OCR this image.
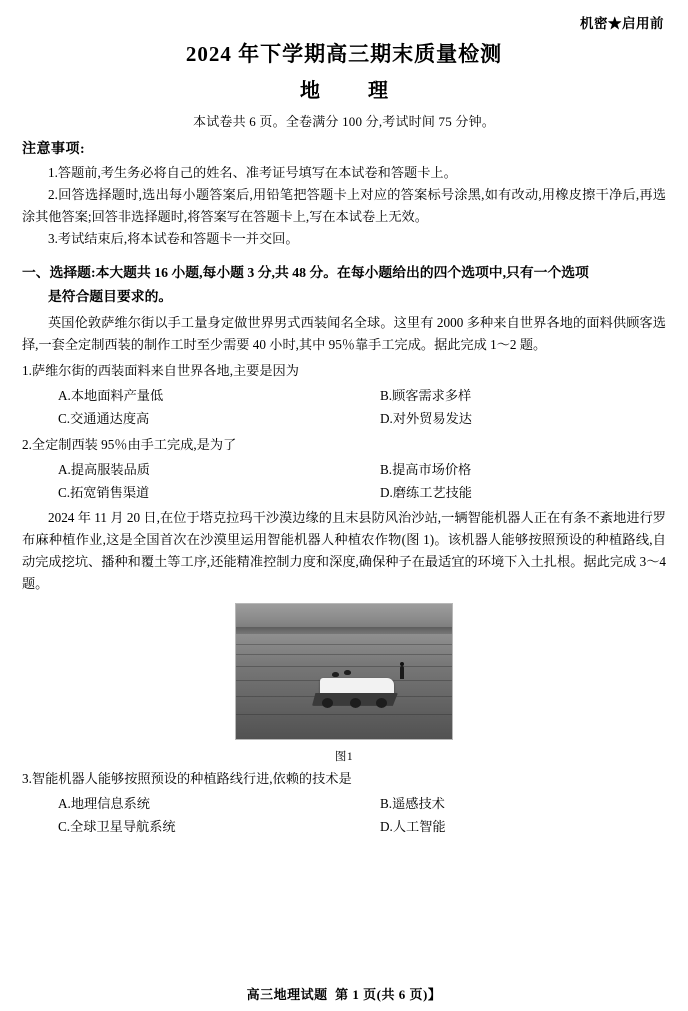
机密★启用前
2024 年下学期高三期末质量检测
地　理
本试卷共 6 页。全卷满分 100 分,考试时间 75 分钟。
注意事项:
1.答题前,考生务必将自己的姓名、准考证号填写在本试卷和答题卡上。
2.回答选择题时,选出每小题答案后,用铅笔把答题卡上对应的答案标号涂黑,如有改动,用橡皮擦干净后,再选涂其他答案;回答非选择题时,将答案写在答题卡上,写在本试卷上无效。
3.考试结束后,将本试卷和答题卡一并交回。
一、选择题:本大题共 16 小题,每小题 3 分,共 48 分。在每小题给出的四个选项中,只有一个选项
是符合题目要求的。
英国伦敦萨维尔街以手工量身定做世界男式西装闻名全球。这里有 2000 多种来自世界各地的面料供顾客选择,一套全定制西装的制作工时至少需要 40 小时,其中 95％靠手工完成。据此完成 1～2 题。
1.萨维尔街的西装面料来自世界各地,主要是因为
A.本地面料产量低	B.顾客需求多样
C.交通通达度高	D.对外贸易发达
2.全定制西装 95％由手工完成,是为了
A.提高服装品质	B.提高市场价格
C.拓宽销售渠道	D.磨练工艺技能
2024 年 11 月 20 日,在位于塔克拉玛干沙漠边缘的且末县防风治沙站,一辆智能机器人正在有条不紊地进行罗布麻种植作业,这是全国首次在沙漠里运用智能机器人种植农作物(图 1)。该机器人能够按照预设的种植路线,自动完成挖坑、播种和覆土等工序,还能精准控制力度和深度,确保种子在最适宜的环境下入土扎根。据此完成 3～4 题。
图1
3.智能机器人能够按照预设的种植路线行进,依赖的技术是
A.地理信息系统	B.遥感技术
C.全球卫星导航系统	D.人工智能
高三地理试题 第 1 页(共 6 页)】
